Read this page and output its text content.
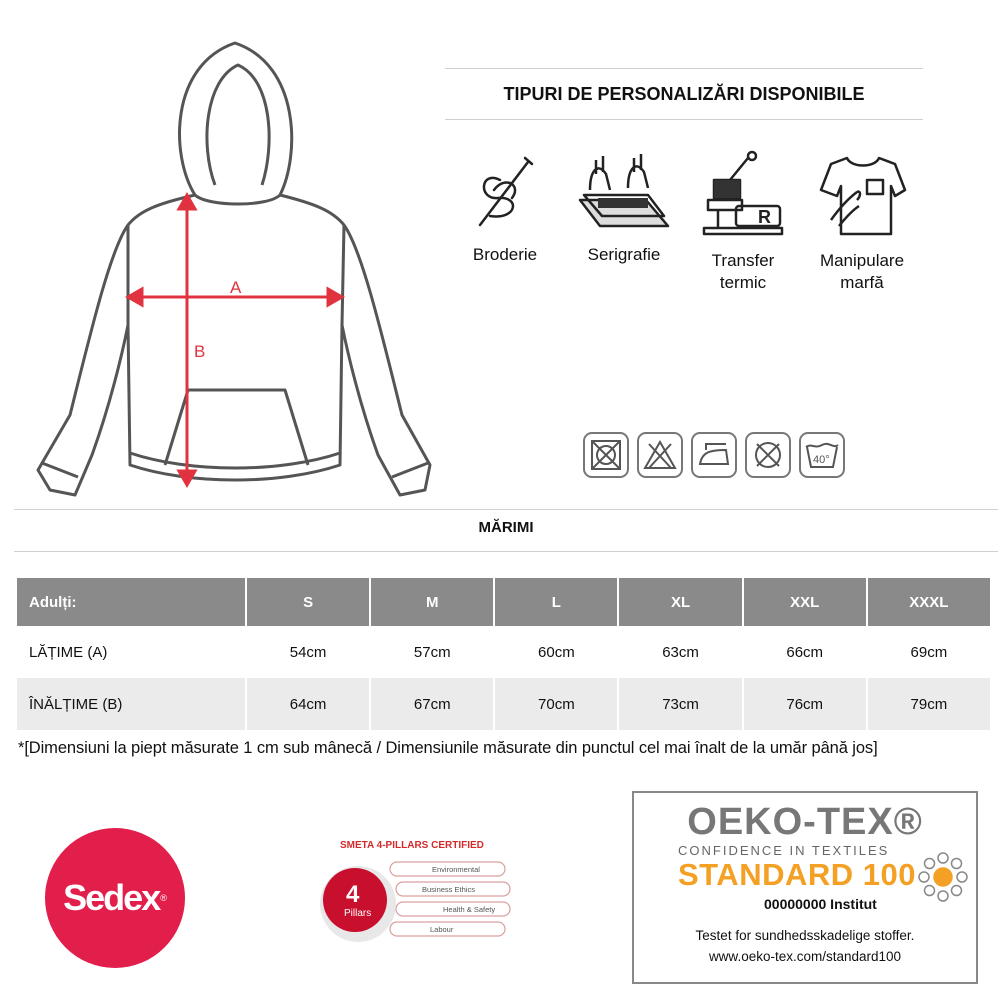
A
B
TIPURI DE PERSONALIZĂRI DISPONIBILE
Broderie	Serigrafie
R
Transfer
termic
Manipulare
marfă
40°
MĂRIMI
Adulți:	S	M	L	XL	XXL	XXXL
LĂȚIME (A)	54cm	57cm	60cm	63cm	66cm	69cm
ÎNĂLȚIME (B)	64cm	67cm	70cm	73cm	76cm	79cm
*[Dimensiuni la piept măsurate 1 cm sub mânecă / Dimensiunile măsurate din punctul cel mai înalt de la umăr până jos]
Sedex ®
SMETA 4-PILLARS CERTIFIED
Environmental
Business Ethics
Health & Safety
Labour
4
Pillars
OEKO-TEX®
CONFIDENCE IN TEXTILES
STANDARD 100
00000000 Institut
Testet for sundhedsskadelige stoffer.
www.oeko-tex.com/standard100
